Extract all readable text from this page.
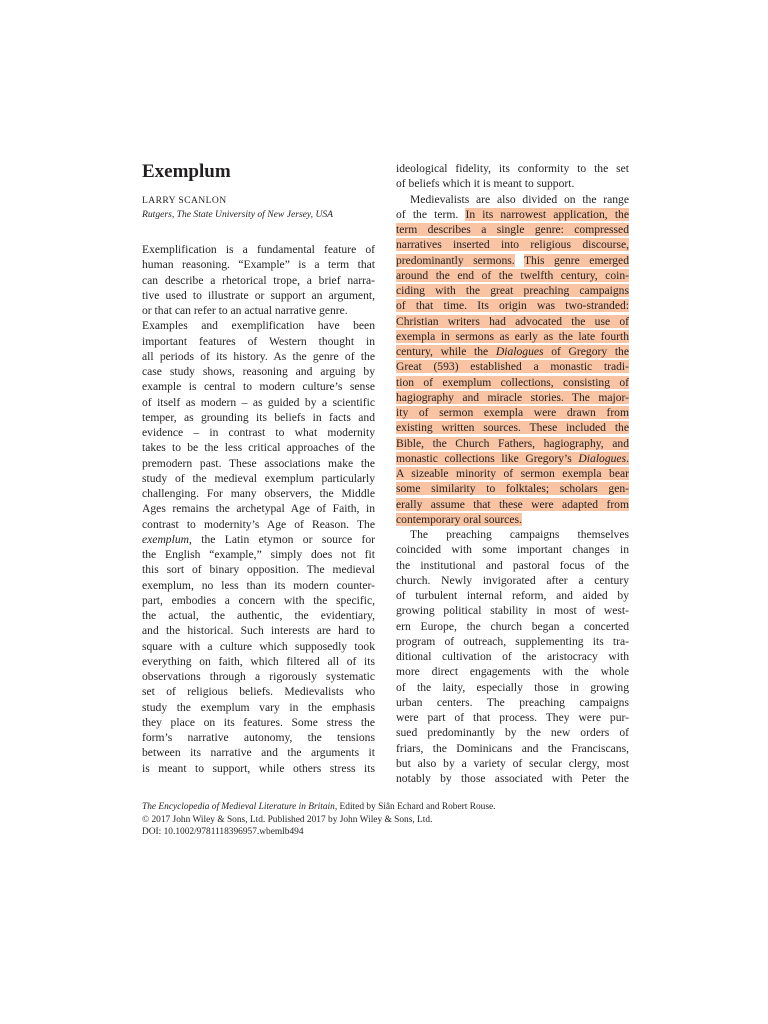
Exemplum

LARRY SCANLON

Rutgers, The State University of New Jersey, USA

Exemplification is a fundamental feature of
human reasoning. “Example” is a term that
can describe a rhetorical trope, a brief narra-
tive used to illustrate or support an argument,
or that can refer to an actual narrative genre.
Examples and exemplification have been
important features of Western thought in
all periods of its history. As the genre of the
case study shows, reasoning and arguing by
example is central to modern culture’s sense
of itself as modern – as guided by a scientific
temper, as grounding its beliefs in facts and
evidence – in contrast to what modernity
takes to be the less critical approaches of the
premodern past. These associations make the
study of the medieval exemplum particularly
challenging. For many observers, the Middle
Ages remains the archetypal Age of Faith, in
contrast to modernity’s Age of Reason. The
exemplum, the Latin etymon or source for
the English “example,” simply does not fit
this sort of binary opposition. The medieval
exemplum, no less than its modern counter-
part, embodies a concern with the specific,
the actual, the authentic, the evidentiary,
and the historical. Such interests are hard to
square with a culture which supposedly took
everything on faith, which filtered all of its
observations through a rigorously systematic
set of religious beliefs. Medievalists who
study the exemplum vary in the emphasis
they place on its features. Some stress the
form’s narrative autonomy, the tensions
between its narrative and the arguments it
is meant to support, while others stress its
ideological fidelity, its conformity to the set
of beliefs which it is meant to support.
Medievalists are also divided on the range
of the term. In its narrowest application, the
term describes a single genre: compressed
narratives inserted into religious discourse,
predominantly sermons. This genre emerged
around the end of the twelfth century, coin-
ciding with the great preaching campaigns
of that time. Its origin was two-stranded:
Christian writers had advocated the use of
exempla in sermons as early as the late fourth
century, while the Dialogues of Gregory the
Great (593) established a monastic tradi-
tion of exemplum collections, consisting of
hagiography and miracle stories. The major-
ity of sermon exempla were drawn from
existing written sources. These included the
Bible, the Church Fathers, hagiography, and
monastic collections like Gregory’s Dialogues.
A sizeable minority of sermon exempla bear
some similarity to folktales; scholars gen-
erally assume that these were adapted from
contemporary oral sources.
The preaching campaigns themselves
coincided with some important changes in
the institutional and pastoral focus of the
church. Newly invigorated after a century
of turbulent internal reform, and aided by
growing political stability in most of west-
ern Europe, the church began a concerted
program of outreach, supplementing its tra-
ditional cultivation of the aristocracy with
more direct engagements with the whole
of the laity, especially those in growing
urban centers. The preaching campaigns
were part of that process. They were pur-
sued predominantly by the new orders of
friars, the Dominicans and the Franciscans,
but also by a variety of secular clergy, most
notably by those associated with Peter the
The Encyclopedia of Medieval Literature in Britain, Edited by Siân Echard and Robert Rouse.
© 2017 John Wiley & Sons, Ltd. Published 2017 by John Wiley & Sons, Ltd.
DOI: 10.1002/9781118396957.wbemlb494
